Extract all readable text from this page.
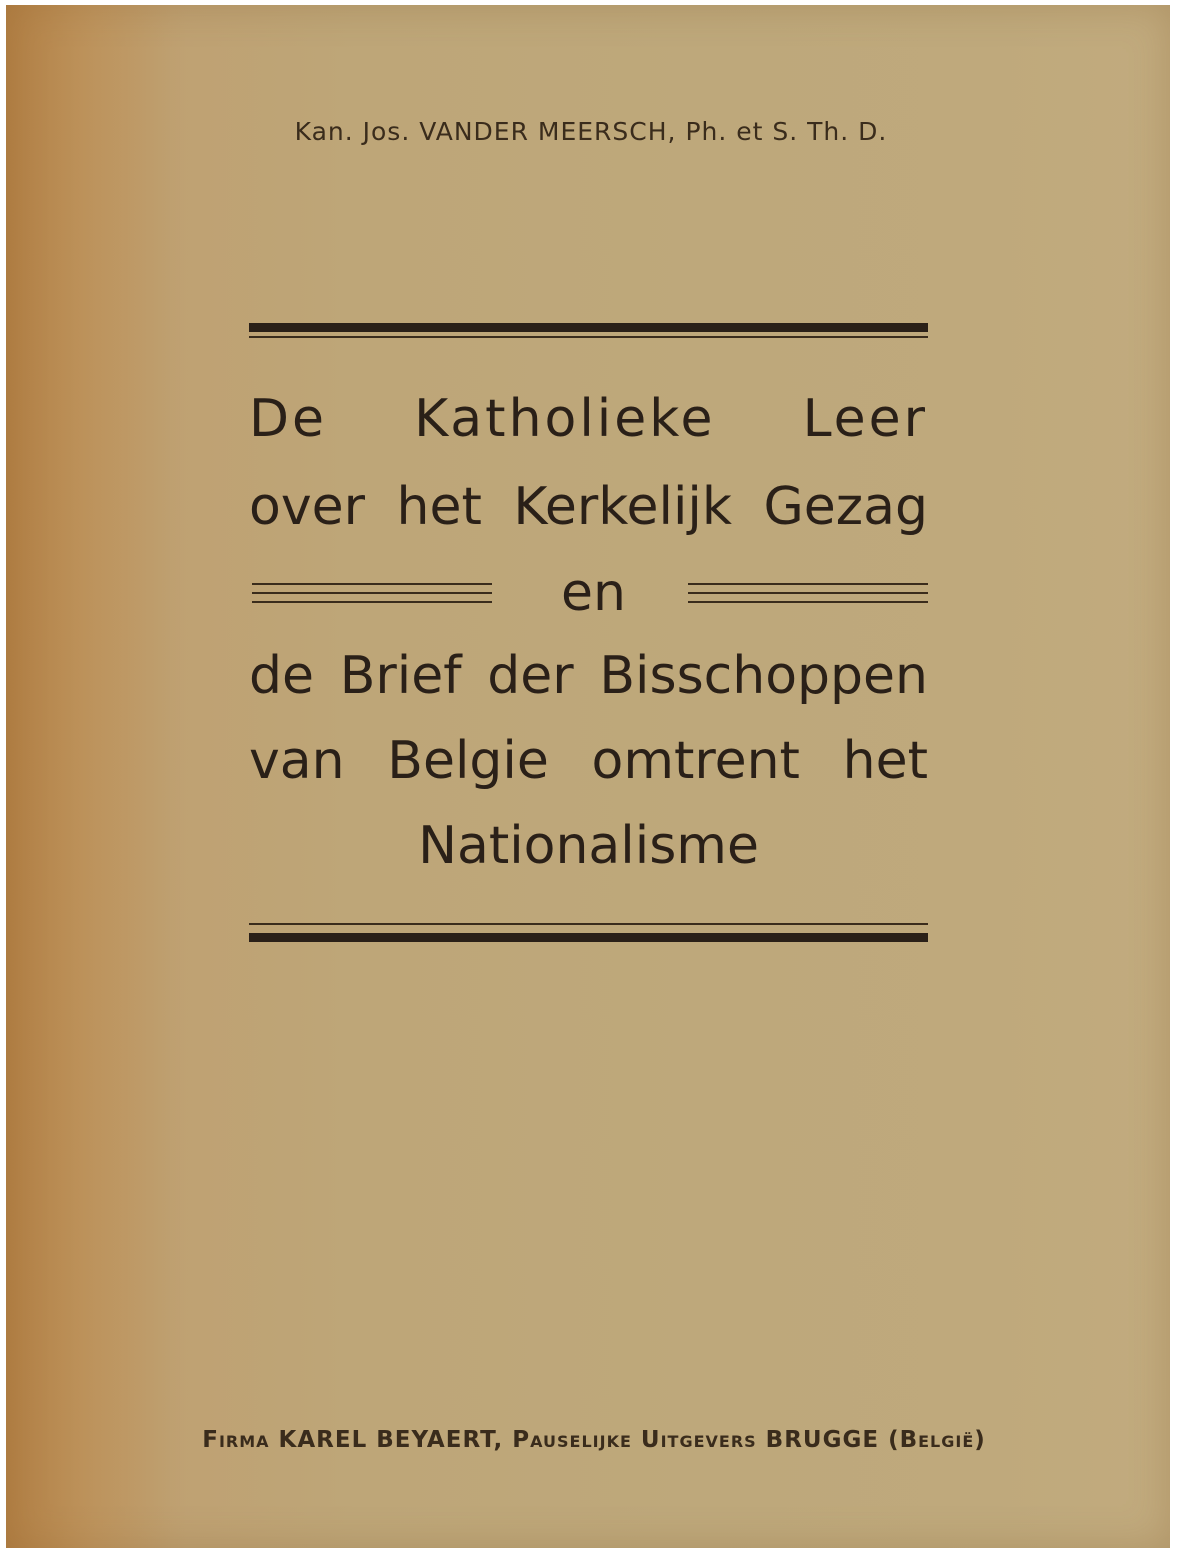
Kan. Jos. VANDER MEERSCH, Ph. et S. Th. D.
De Katholieke Leer
over het Kerkelijk Gezag
en
de Brief der Bisschoppen
van Belgie omtrent het
Nationalisme
Firma KAREL BEYAERT, Pauselijke Uitgevers BRUGGE (België)
